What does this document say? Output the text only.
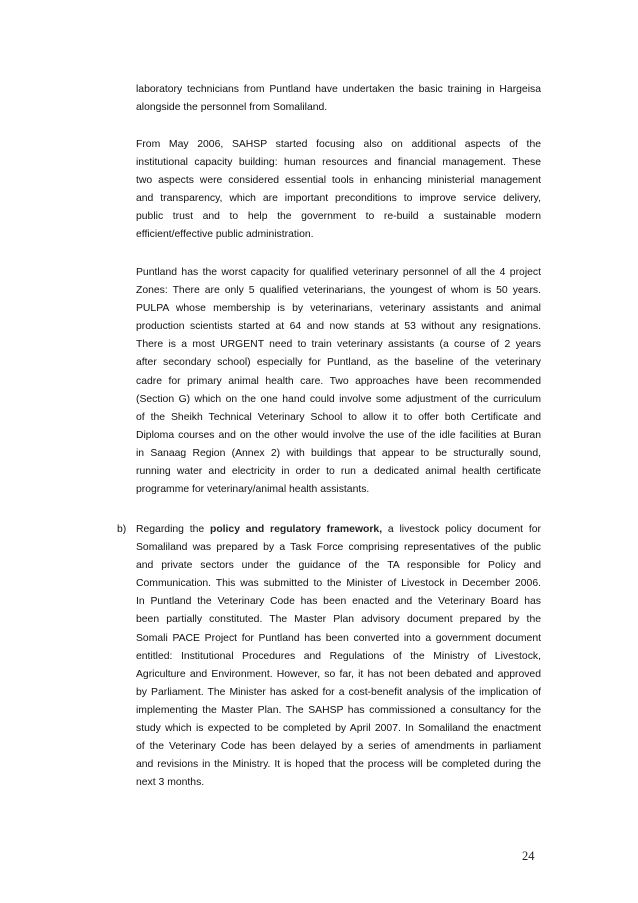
laboratory technicians from Puntland have undertaken the basic training in Hargeisa
alongside the personnel from Somaliland.
From May 2006, SAHSP started focusing also on additional aspects of the
institutional capacity building: human resources and financial management. These
two aspects were considered essential tools in enhancing ministerial management
and transparency, which are important preconditions to improve service delivery,
public trust and to help the government to re-build a sustainable modern
efficient/effective public administration.
Puntland has the worst capacity for qualified veterinary personnel of all the 4 project
Zones: There are only 5 qualified veterinarians, the youngest of whom is 50 years.
PULPA whose membership is by veterinarians, veterinary assistants and animal
production scientists started at 64 and now stands at 53 without any resignations.
There is a most URGENT need to train veterinary assistants (a course of 2 years
after secondary school) especially for Puntland, as the baseline of the veterinary
cadre for primary animal health care. Two approaches have been recommended
(Section G) which on the one hand could involve some adjustment of the curriculum
of the Sheikh Technical Veterinary School to allow it to offer both Certificate and
Diploma courses and on the other would involve the use of the idle facilities at Buran
in Sanaag Region (Annex 2) with buildings that appear to be structurally sound,
running water and electricity in order to run a dedicated animal health certificate
programme for veterinary/animal health assistants.
b) Regarding the policy and regulatory framework, a livestock policy document for
Somaliland was prepared by a Task Force comprising representatives of the public
and private sectors under the guidance of the TA responsible for Policy and
Communication. This was submitted to the Minister of Livestock in December 2006.
In Puntland the Veterinary Code has been enacted and the Veterinary Board has
been partially constituted. The Master Plan advisory document prepared by the
Somali PACE Project for Puntland has been converted into a government document
entitled: Institutional Procedures and Regulations of the Ministry of Livestock,
Agriculture and Environment. However, so far, it has not been debated and approved
by Parliament. The Minister has asked for a cost-benefit analysis of the implication of
implementing the Master Plan. The SAHSP has commissioned a consultancy for the
study which is expected to be completed by April 2007. In Somaliland the enactment
of the Veterinary Code has been delayed by a series of amendments in parliament
and revisions in the Ministry. It is hoped that the process will be completed during the
next 3 months.
24
